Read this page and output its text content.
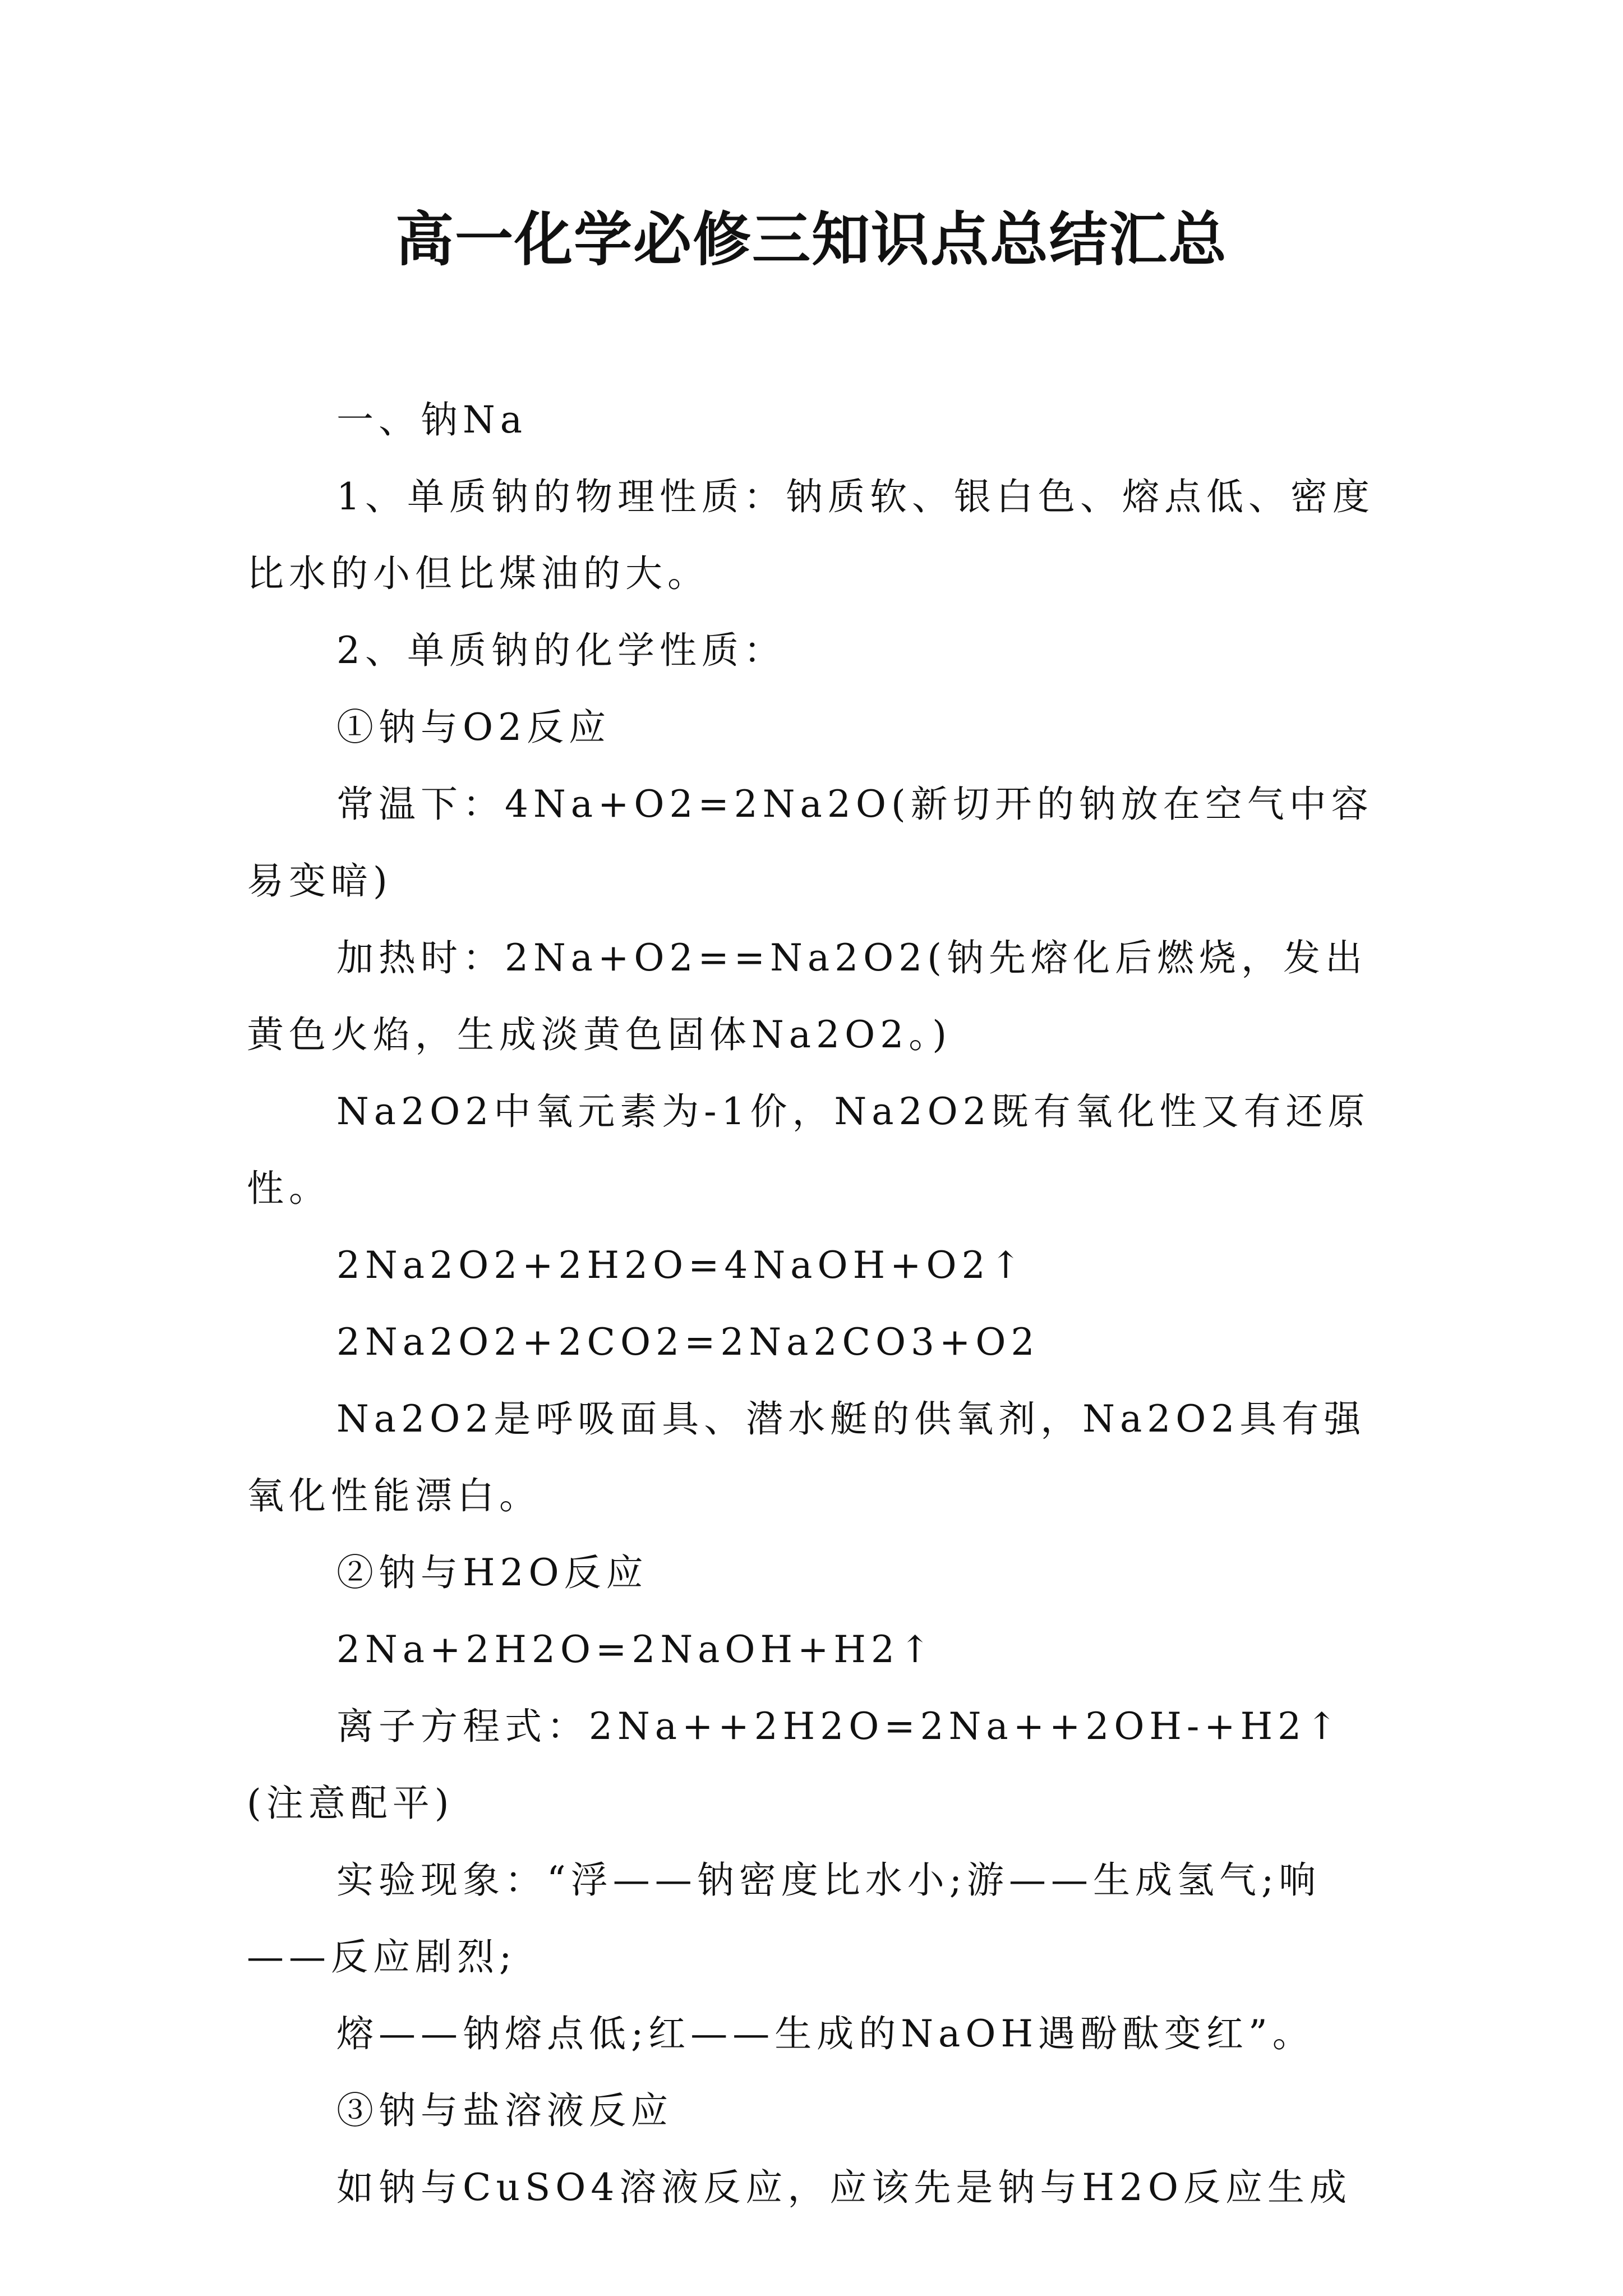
高一化学必修三知识点总结汇总

一、钠Na

1、单质钠的物理性质：钠质软、银白色、熔点低、密度比水的小但比煤油的大。

2、单质钠的化学性质：

①钠与O2反应

常温下：4Na+O2=2Na2O(新切开的钠放在空气中容易变暗)

加热时：2Na+O2==Na2O2(钠先熔化后燃烧，发出黄色火焰，生成淡黄色固体Na2O2。)

Na2O2中氧元素为-1价，Na2O2既有氧化性又有还原性。

2Na2O2+2H2O=4NaOH+O2↑

2Na2O2+2CO2=2Na2CO3+O2

Na2O2是呼吸面具、潜水艇的供氧剂，Na2O2具有强氧化性能漂白。

②钠与H2O反应

2Na+2H2O=2NaOH+H2↑

离子方程式：2Na++2H2O=2Na++2OH-+H2↑(注意配平)

实验现象：“浮——钠密度比水小;游——生成氢气;响——反应剧烈;

熔——钠熔点低;红——生成的NaOH遇酚酞变红”。

③钠与盐溶液反应

如钠与CuSO4溶液反应，应该先是钠与H2O反应生成
